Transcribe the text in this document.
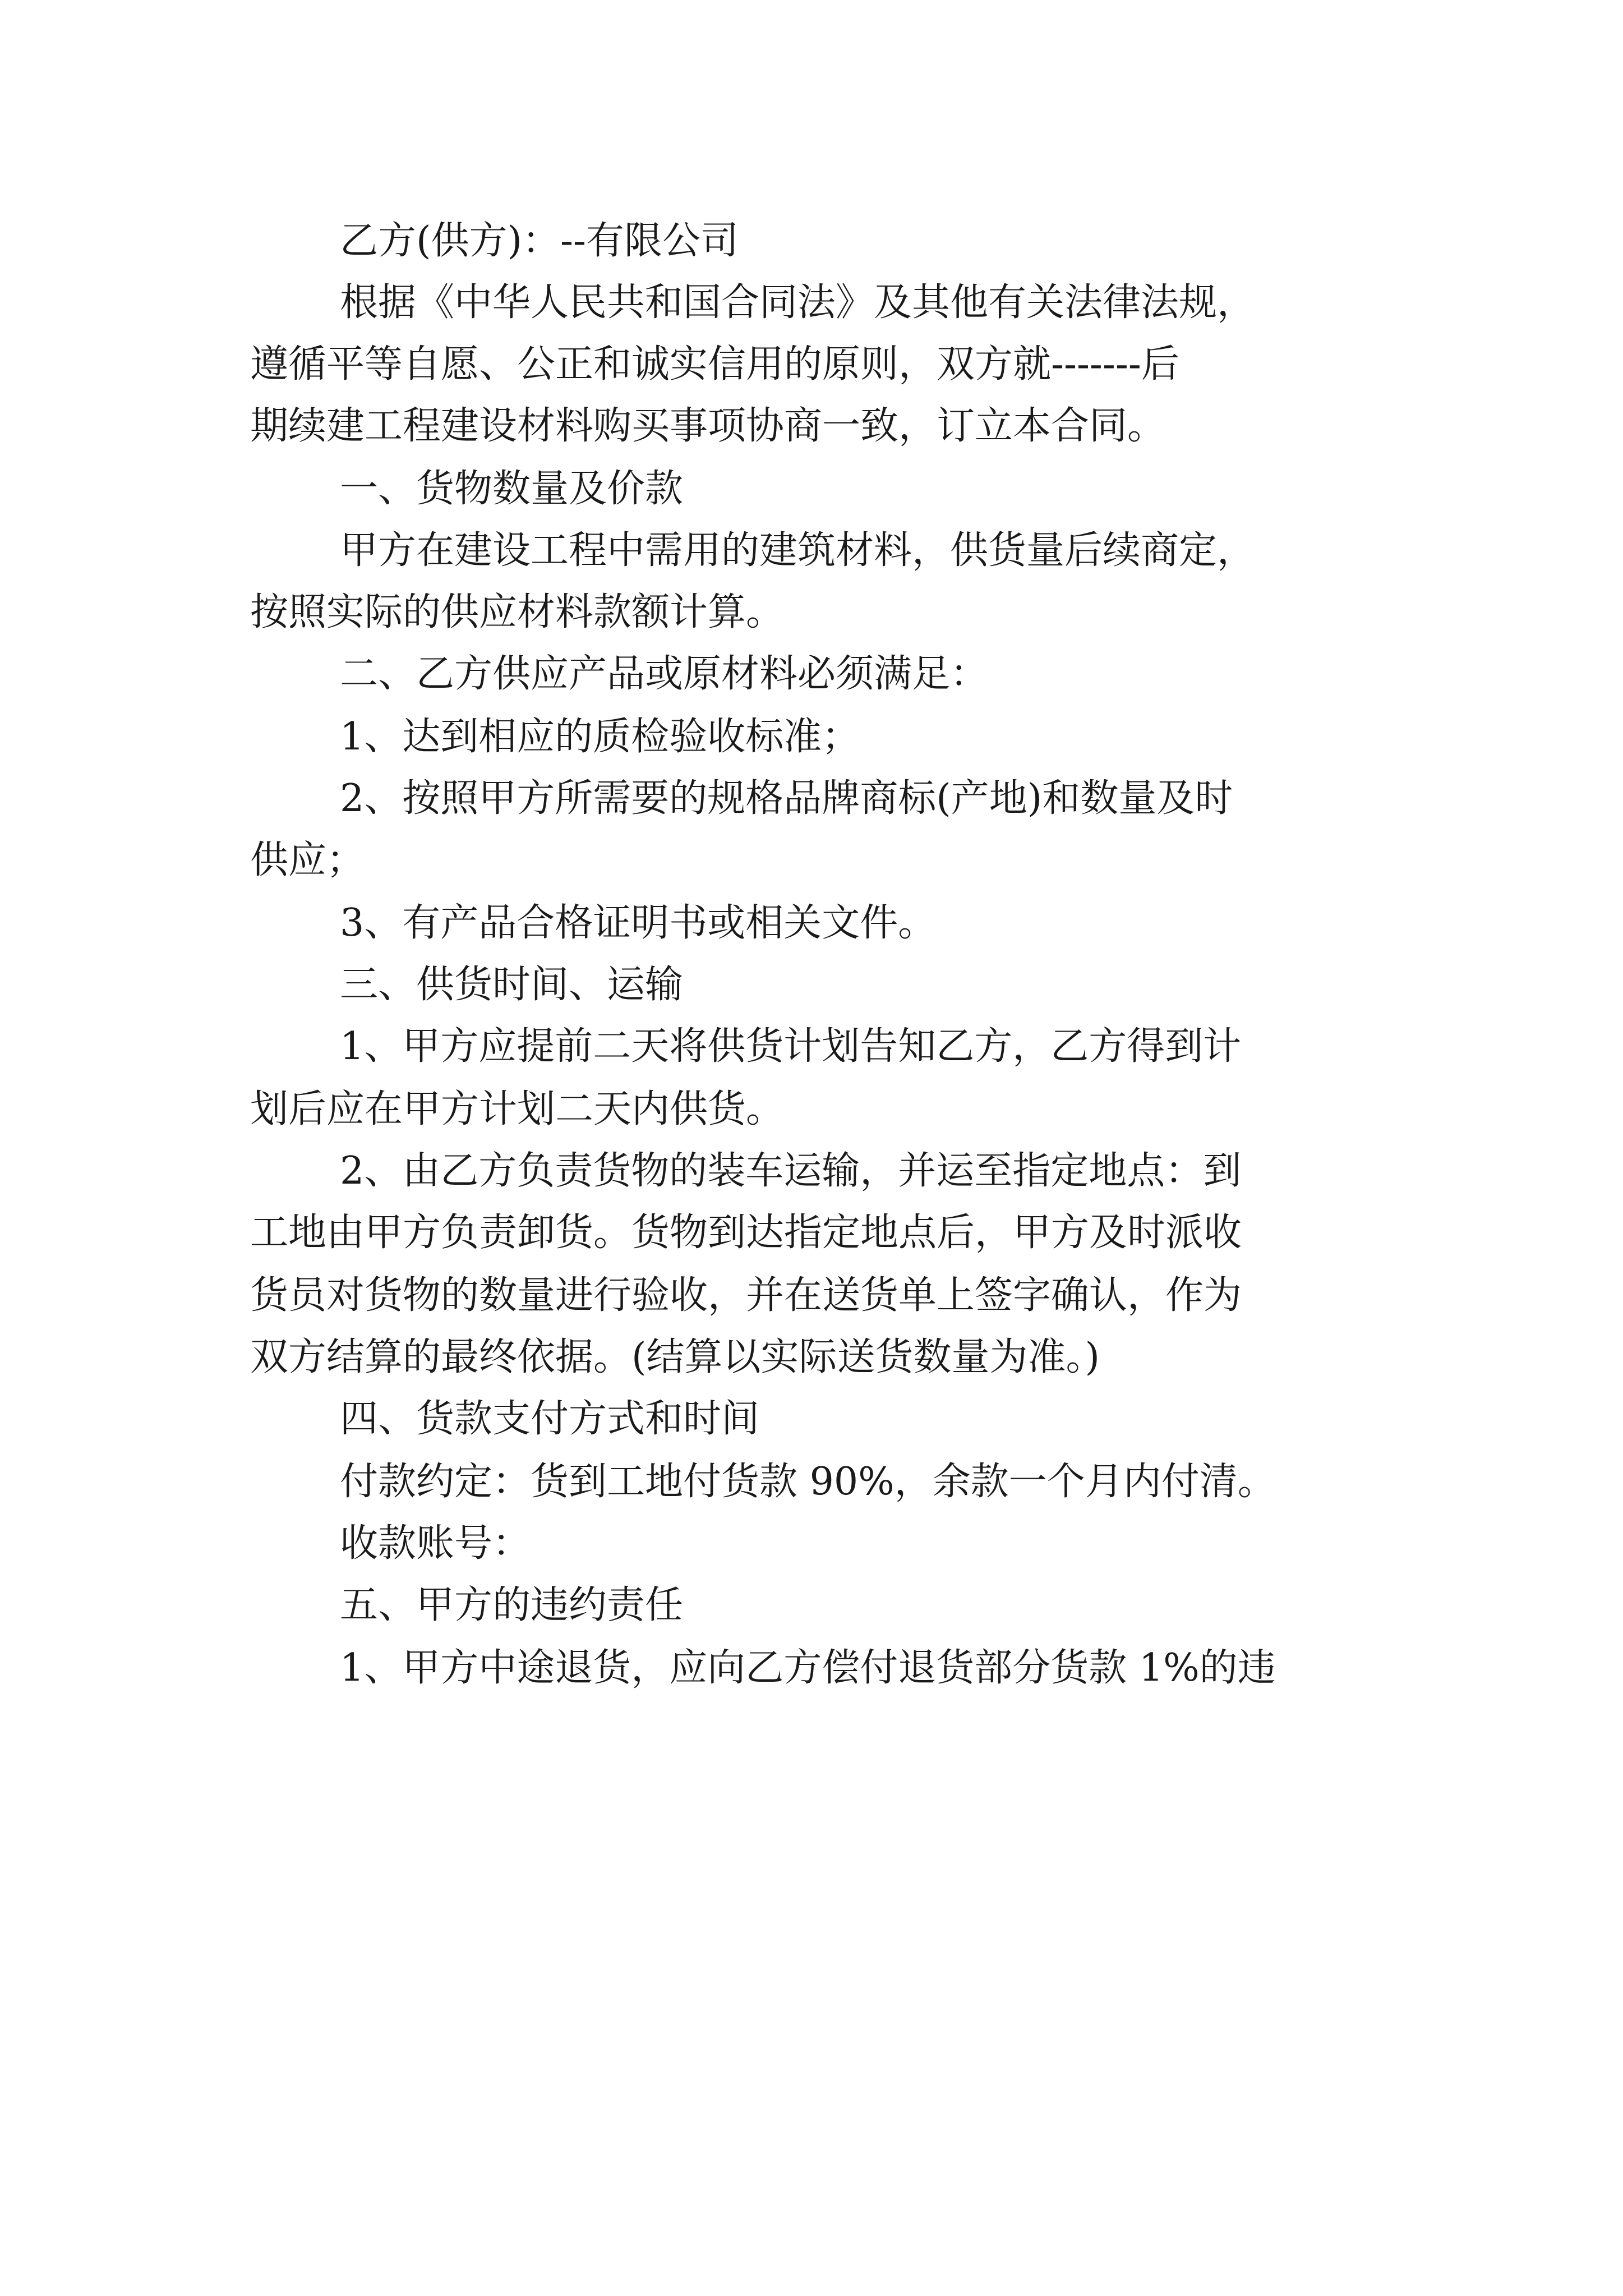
乙方(供方)：--有限公司
根据《中华人民共和国合同法》及其他有关法律法规，
遵循平等自愿、公正和诚实信用的原则，双方就-------后
期续建工程建设材料购买事项协商一致，订立本合同。
一、货物数量及价款
甲方在建设工程中需用的建筑材料，供货量后续商定，
按照实际的供应材料款额计算。
二、乙方供应产品或原材料必须满足：
1、达到相应的质检验收标准；
2、按照甲方所需要的规格品牌商标(产地)和数量及时
供应；
3、有产品合格证明书或相关文件。
三、供货时间、运输
1、甲方应提前二天将供货计划告知乙方，乙方得到计
划后应在甲方计划二天内供货。
2、由乙方负责货物的装车运输，并运至指定地点：到
工地由甲方负责卸货。货物到达指定地点后，甲方及时派收
货员对货物的数量进行验收，并在送货单上签字确认，作为
双方结算的最终依据。(结算以实际送货数量为准。)
四、货款支付方式和时间
付款约定：货到工地付货款 90%，余款一个月内付清。
收款账号：
五、甲方的违约责任
1、甲方中途退货，应向乙方偿付退货部分货款 1%的违
